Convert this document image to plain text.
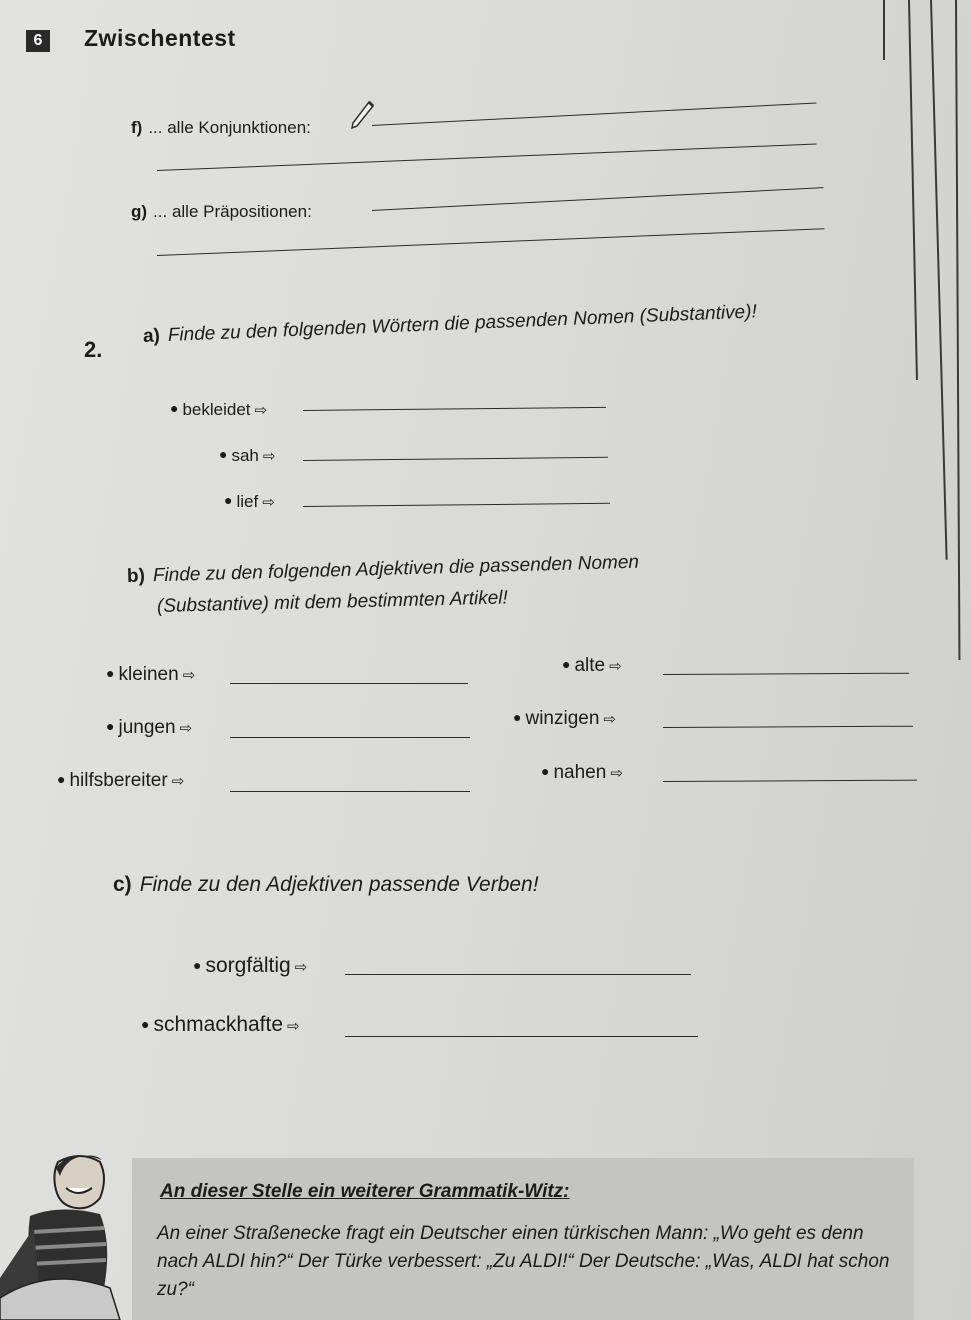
6	Zwischentest
f) ... alle Konjunktionen:
g) ... alle Präpositionen:
2.
a) Finde zu den folgenden Wörtern die passenden Nomen (Substantive)!
● bekleidet ⇨
● sah ⇨
● lief ⇨
b) Finde zu den folgenden Adjektiven die passenden Nomen
(Substantive) mit dem bestimmten Artikel!
● kleinen ⇨
● jungen ⇨
● hilfsbereiter ⇨
● alte ⇨
● winzigen ⇨
● nahen ⇨
c) Finde zu den Adjektiven passende Verben!
● sorgfältig ⇨
● schmackhafte ⇨
An dieser Stelle ein weiterer Grammatik-Witz:
An einer Straßenecke fragt ein Deutscher einen türkischen Mann: „Wo geht es denn nach ALDI hin?“ Der Türke verbessert: „Zu ALDI!“ Der Deutsche: „Was, ALDI hat schon zu?“
